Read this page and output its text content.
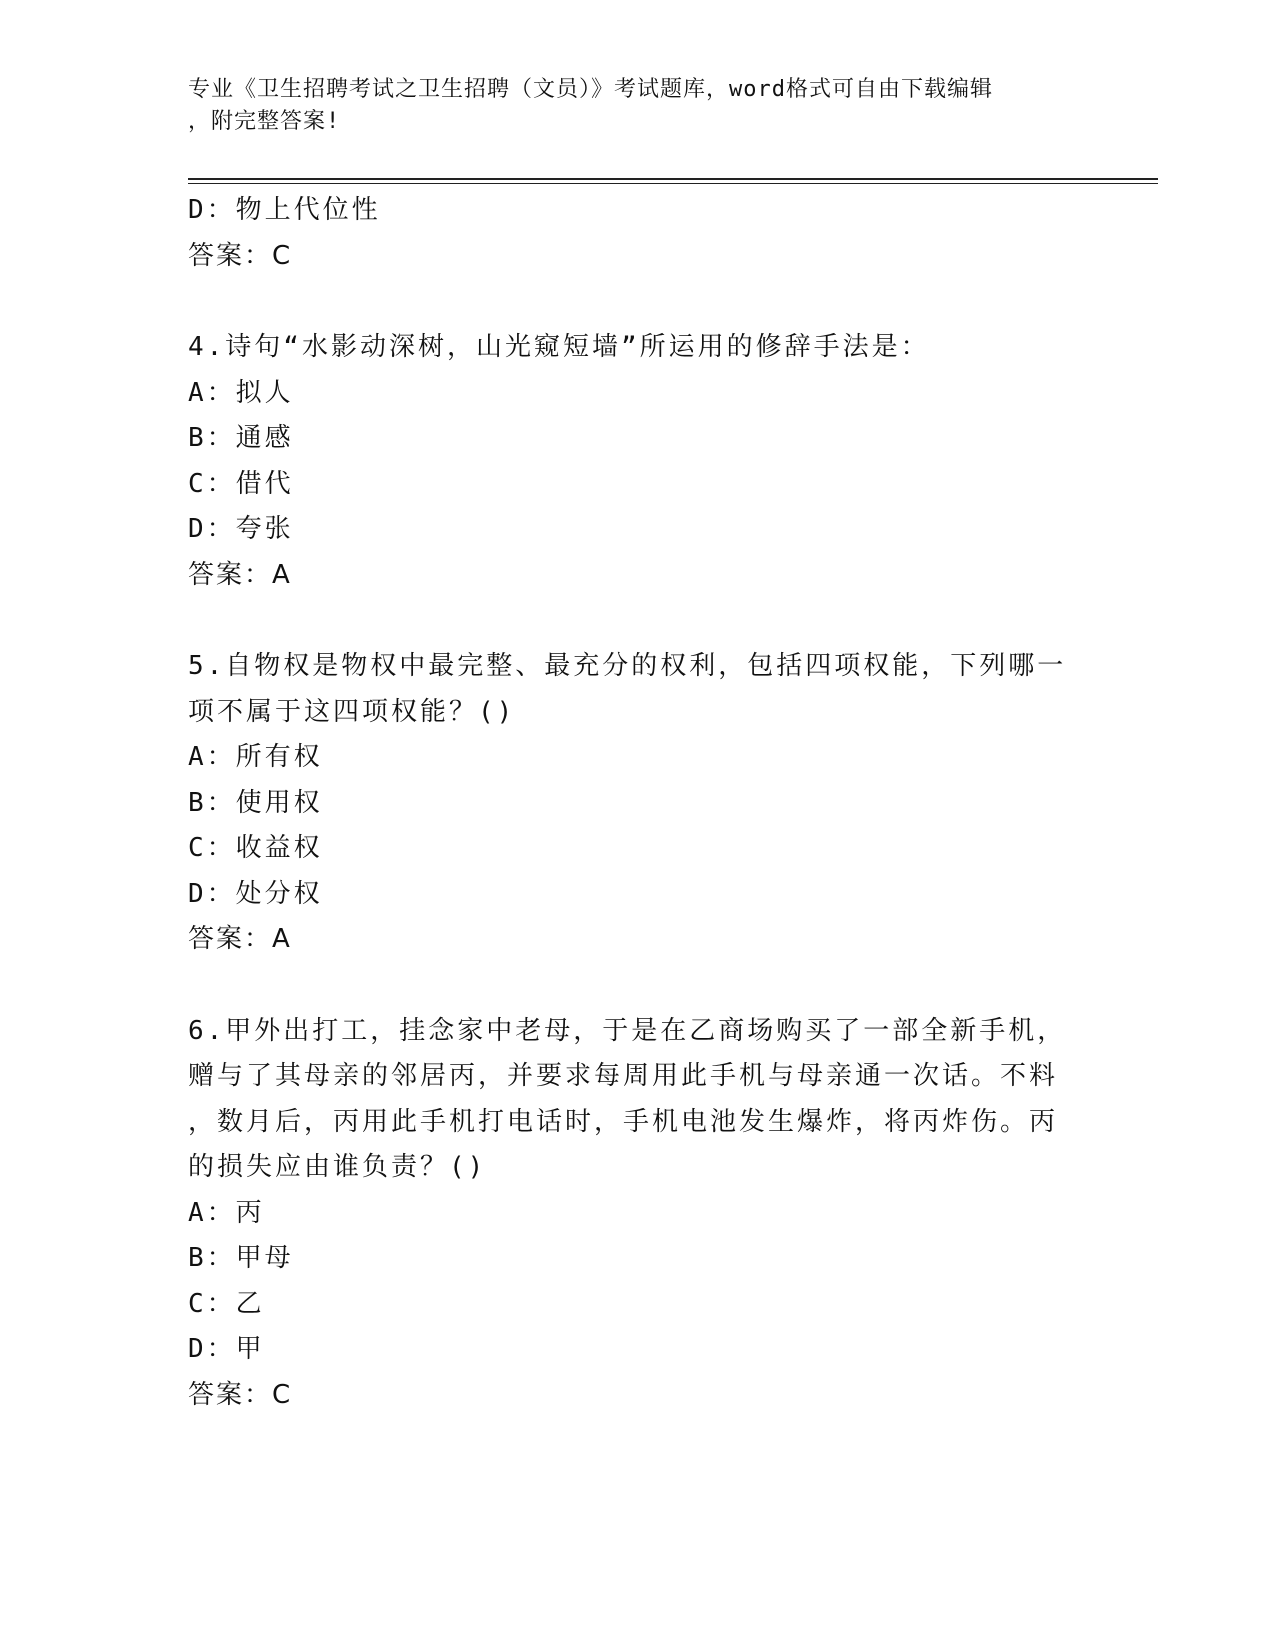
专业《卫生招聘考试之卫生招聘（文员）》考试题库，word格式可自由下载编辑
，附完整答案!
D：物上代位性
答案：C
4.诗句“水影动深树，山光窥短墙”所运用的修辞手法是：
A：拟人
B：通感
C：借代
D：夸张
答案：A
5.自物权是物权中最完整、最充分的权利，包括四项权能，下列哪一
项不属于这四项权能？()
A：所有权
B：使用权
C：收益权
D：处分权
答案：A
6.甲外出打工，挂念家中老母，于是在乙商场购买了一部全新手机，
赠与了其母亲的邻居丙，并要求每周用此手机与母亲通一次话。不料
，数月后，丙用此手机打电话时，手机电池发生爆炸，将丙炸伤。丙
的损失应由谁负责？()
A：丙
B：甲母
C：乙
D：甲
答案：C
